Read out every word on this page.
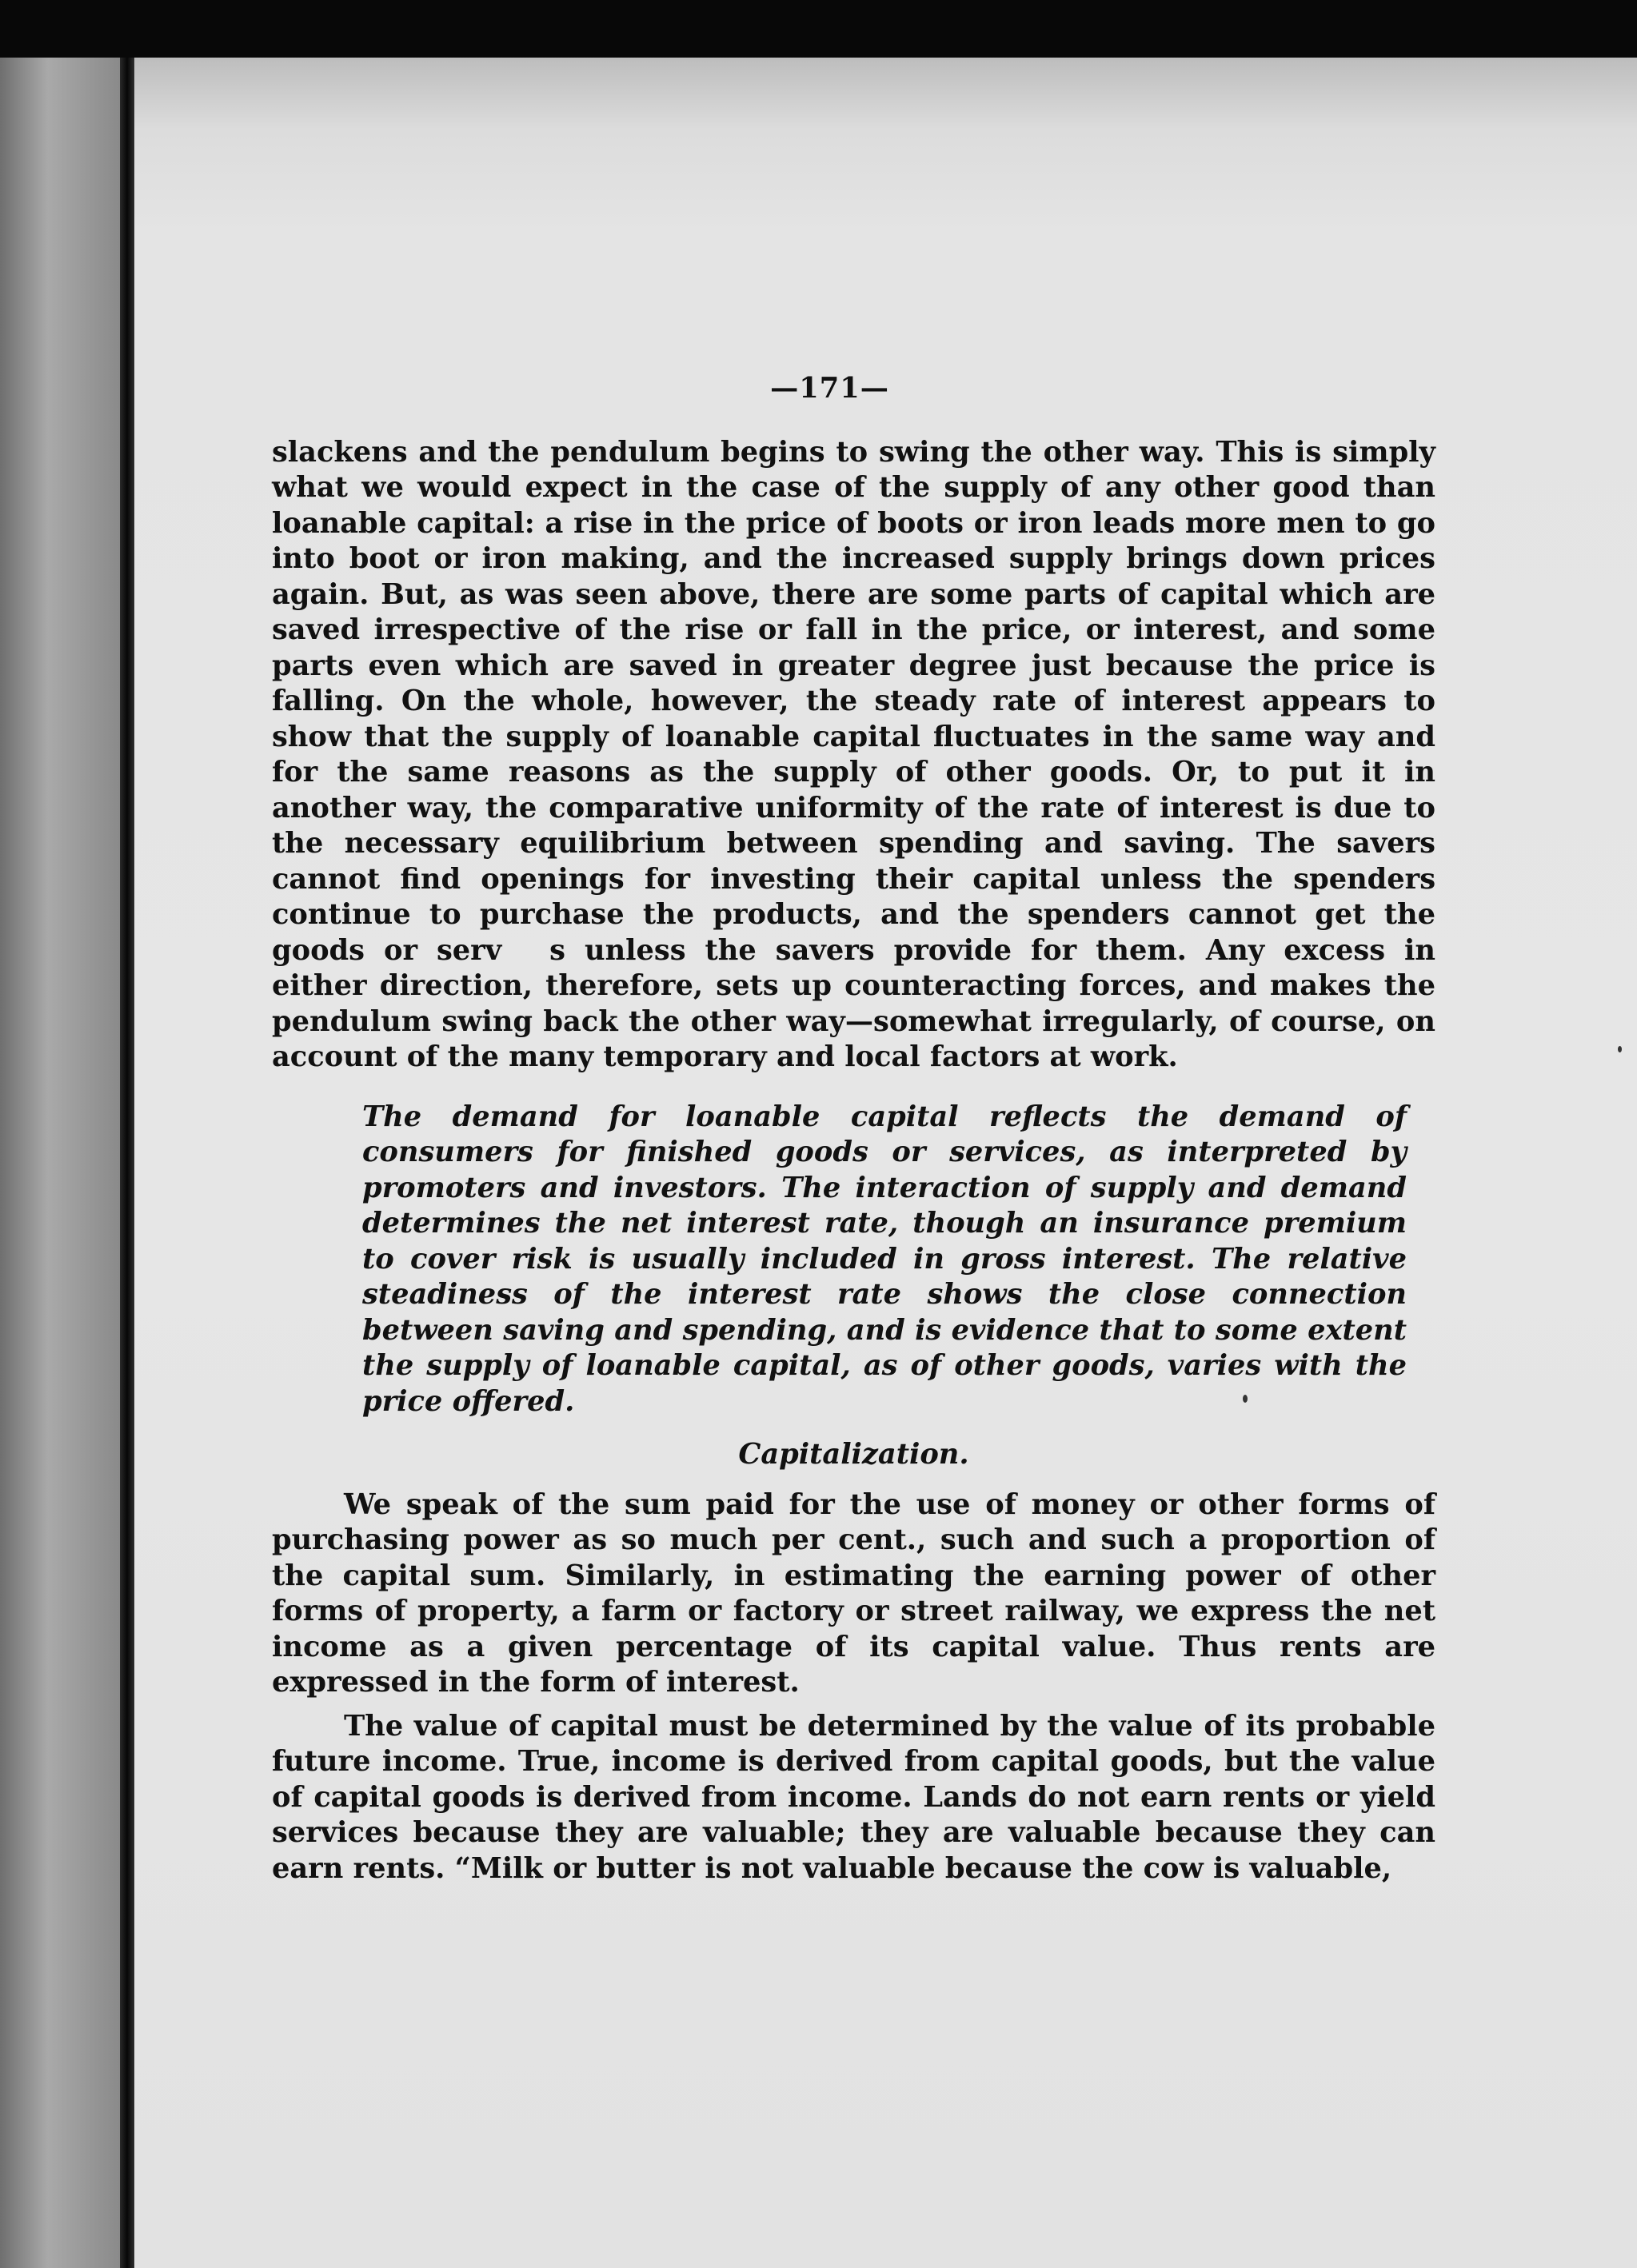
—171—

slackens and the pendulum begins to swing the other way. This is simply what we would expect in the case of the supply of any other good than loanable capital: a rise in the price of boots or iron leads more men to go into boot or iron making, and the increased supply brings down prices again. But, as was seen above, there are some parts of capital which are saved irrespective of the rise or fall in the price, or interest, and some parts even which are saved in greater degree just because the price is falling. On the whole, however, the steady rate of interest appears to show that the supply of loanable capital fluctuates in the same way and for the same reasons as the supply of other goods. Or, to put it in another way, the comparative uniformity of the rate of interest is due to the necessary equilibrium between spending and saving. The savers cannot find openings for investing their capital unless the spenders continue to purchase the products, and the spenders cannot get the goods or serv s unless the savers provide for them. Any excess in either direction, therefore, sets up counteracting forces, and makes the pendulum swing back the other way—somewhat irregularly, of course, on account of the many temporary and local factors at work.

The demand for loanable capital reflects the demand of consumers for finished goods or services, as interpreted by promoters and investors. The interaction of supply and demand determines the net interest rate, though an insurance premium to cover risk is usually included in gross interest. The relative steadiness of the interest rate shows the close connection between saving and spending, and is evidence that to some extent the supply of loanable capital, as of other goods, varies with the price offered.

Capitalization.

We speak of the sum paid for the use of money or other forms of purchasing power as so much per cent., such and such a proportion of the capital sum. Similarly, in estimating the earning power of other forms of property, a farm or factory or street railway, we express the net income as a given percentage of its capital value. Thus rents are expressed in the form of interest.

The value of capital must be determined by the value of its probable future income. True, income is derived from capital goods, but the value of capital goods is derived from income. Lands do not earn rents or yield services because they are valuable; they are valuable because they can earn rents. “Milk or butter is not valuable because the cow is valuable,
